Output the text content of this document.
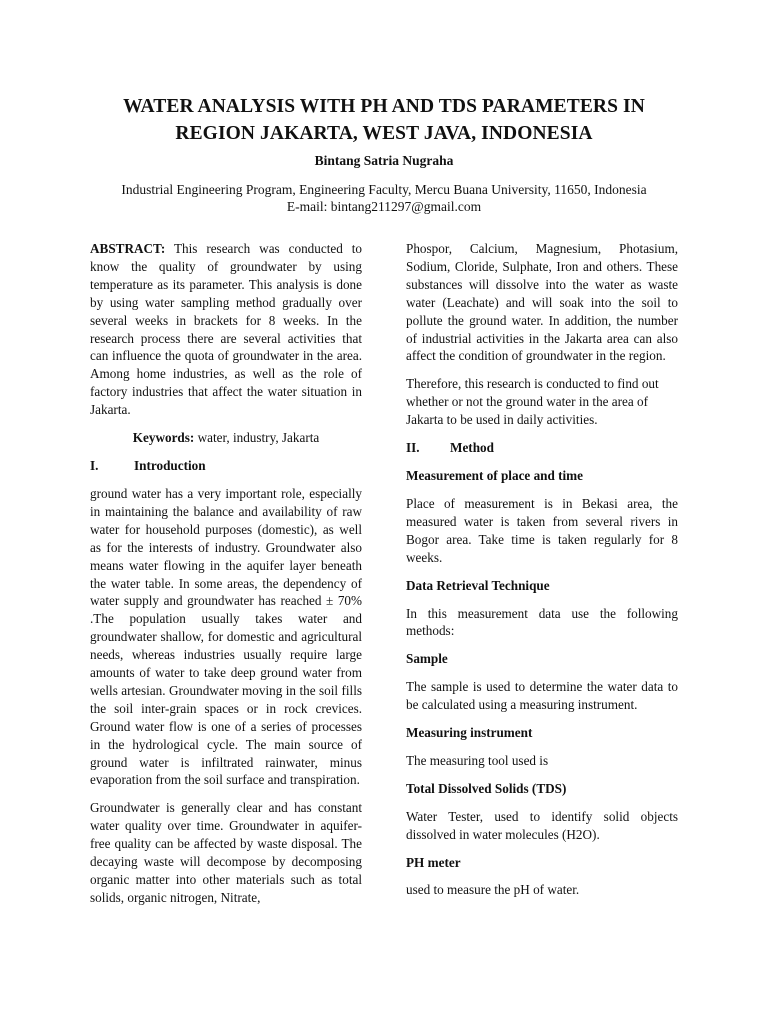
WATER ANALYSIS WITH PH AND TDS PARAMETERS IN
REGION JAKARTA, WEST JAVA, INDONESIA
Bintang Satria Nugraha
Industrial Engineering Program, Engineering Faculty, Mercu Buana University, 11650, Indonesia
E-mail: bintang211297@gmail.com

ABSTRACT: This research was conducted to know the quality of groundwater by using temperature as its parameter. This analysis is done by using water sampling method gradually over several weeks in brackets for 8 weeks. In the research process there are several activities that can influence the quota of groundwater in the area. Among home industries, as well as the role of factory industries that affect the water situation in Jakarta.

Keywords: water, industry, Jakarta

I.	Introduction

ground water has a very important role, especially in maintaining the balance and availability of raw water for household purposes (domestic), as well as for the interests of industry. Groundwater also means water flowing in the aquifer layer beneath the water table. In some areas, the dependency of water supply and groundwater has reached ± 70% .The population usually takes water and groundwater shallow, for domestic and agricultural needs, whereas industries usually require large amounts of water to take deep ground water from wells artesian. Groundwater moving in the soil fills the soil inter-grain spaces or in rock crevices. Ground water flow is one of a series of processes in the hydrological cycle. The main source of ground water is infiltrated rainwater, minus evaporation from the soil surface and transpiration.

Groundwater is generally clear and has constant water quality over time. Groundwater in aquifer-free quality can be affected by waste disposal. The decaying waste will decompose by decomposing organic matter into other materials such as total solids, organic nitrogen, Nitrate,

Phospor, Calcium, Magnesium, Photasium, Sodium, Cloride, Sulphate, Iron and others. These substances will dissolve into the water as waste water (Leachate) and will soak into the soil to pollute the ground water. In addition, the number of industrial activities in the Jakarta area can also affect the condition of groundwater in the region.

Therefore, this research is conducted to find out whether or not the ground water in the area of Jakarta to be used in daily activities.

II. Method
Measurement of place and time

Place of measurement is in Bekasi area, the measured water is taken from several rivers in Bogor area. Take time is taken regularly for 8 weeks.

Data Retrieval Technique

In this measurement data use the following methods:

Sample

The sample is used to determine the water data to be calculated using a measuring instrument.

Measuring instrument

The measuring tool used is

Total Dissolved Solids (TDS)

Water Tester, used to identify solid objects dissolved in water molecules (H2O).

PH meter

used to measure the pH of water.
